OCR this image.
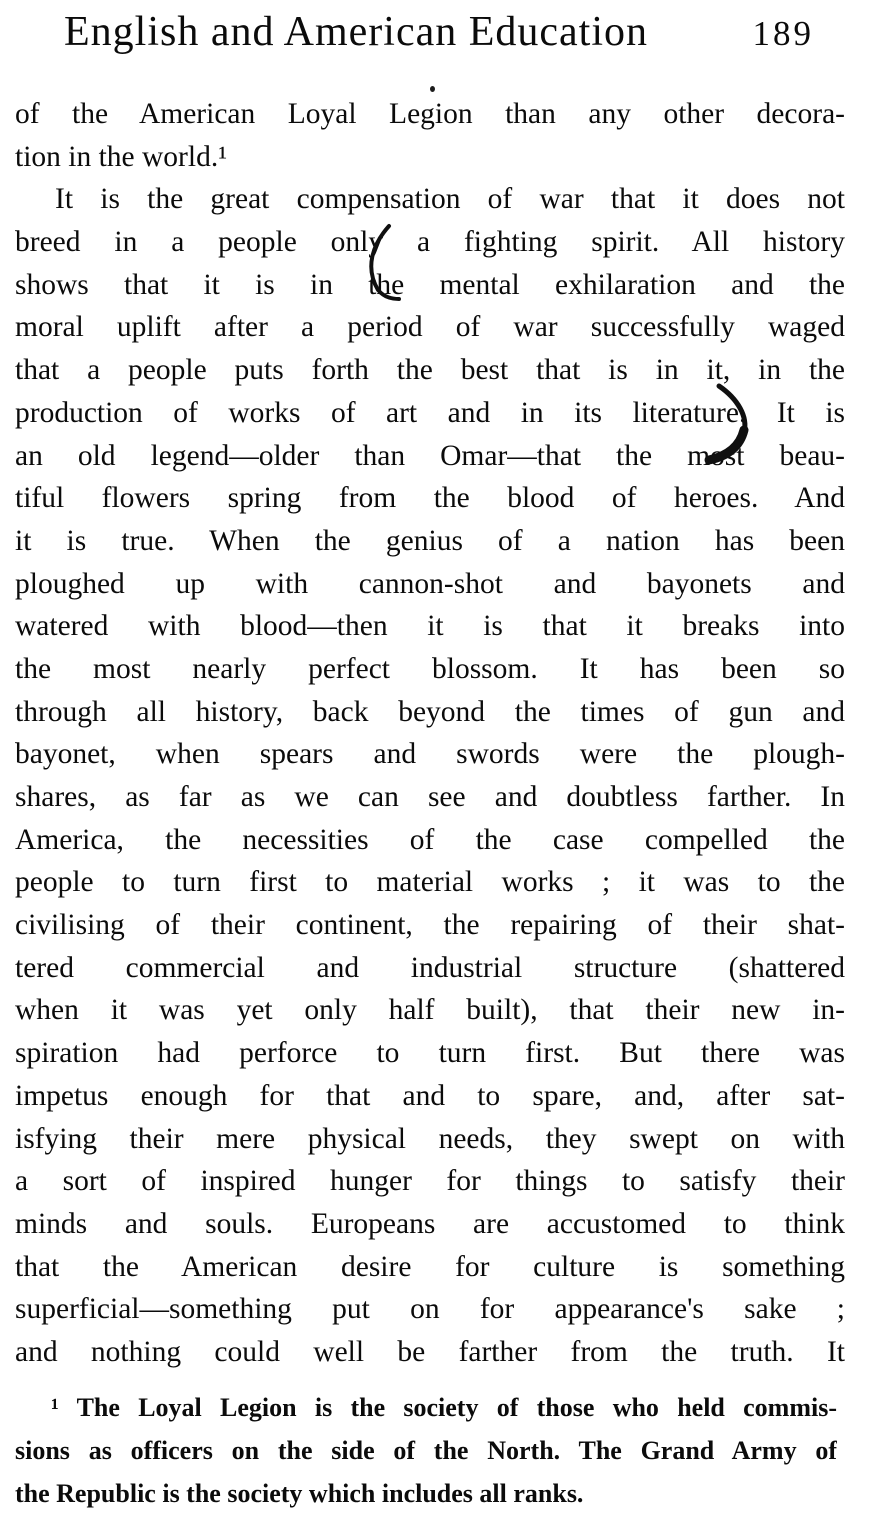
English and American Education	189
of the American Loyal Legion than any other decora-
tion in the world.¹
It is the great compensation of war that it does not
breed in a people only a fighting spirit. All history
shows that it is in the mental exhilaration and the
moral uplift after a period of war successfully waged
that a people puts forth the best that is in it, in the
production of works of art and in its literature. It is
an old legend—older than Omar—that the most beau-
tiful flowers spring from the blood of heroes. And
it is true. When the genius of a nation has been
ploughed up with cannon-shot and bayonets and
watered with blood—then it is that it breaks into
the most nearly perfect blossom. It has been so
through all history, back beyond the times of gun and
bayonet, when spears and swords were the plough-
shares, as far as we can see and doubtless farther. In
America, the necessities of the case compelled the
people to turn first to material works ; it was to the
civilising of their continent, the repairing of their shat-
tered commercial and industrial structure (shattered
when it was yet only half built), that their new in-
spiration had perforce to turn first. But there was
impetus enough for that and to spare, and, after sat-
isfying their mere physical needs, they swept on with
a sort of inspired hunger for things to satisfy their
minds and souls. Europeans are accustomed to think
that the American desire for culture is something
superficial—something put on for appearance's sake ;
and nothing could well be farther from the truth. It
¹ The Loyal Legion is the society of those who held commis-
sions as officers on the side of the North. The Grand Army of
the Republic is the society which includes all ranks.
